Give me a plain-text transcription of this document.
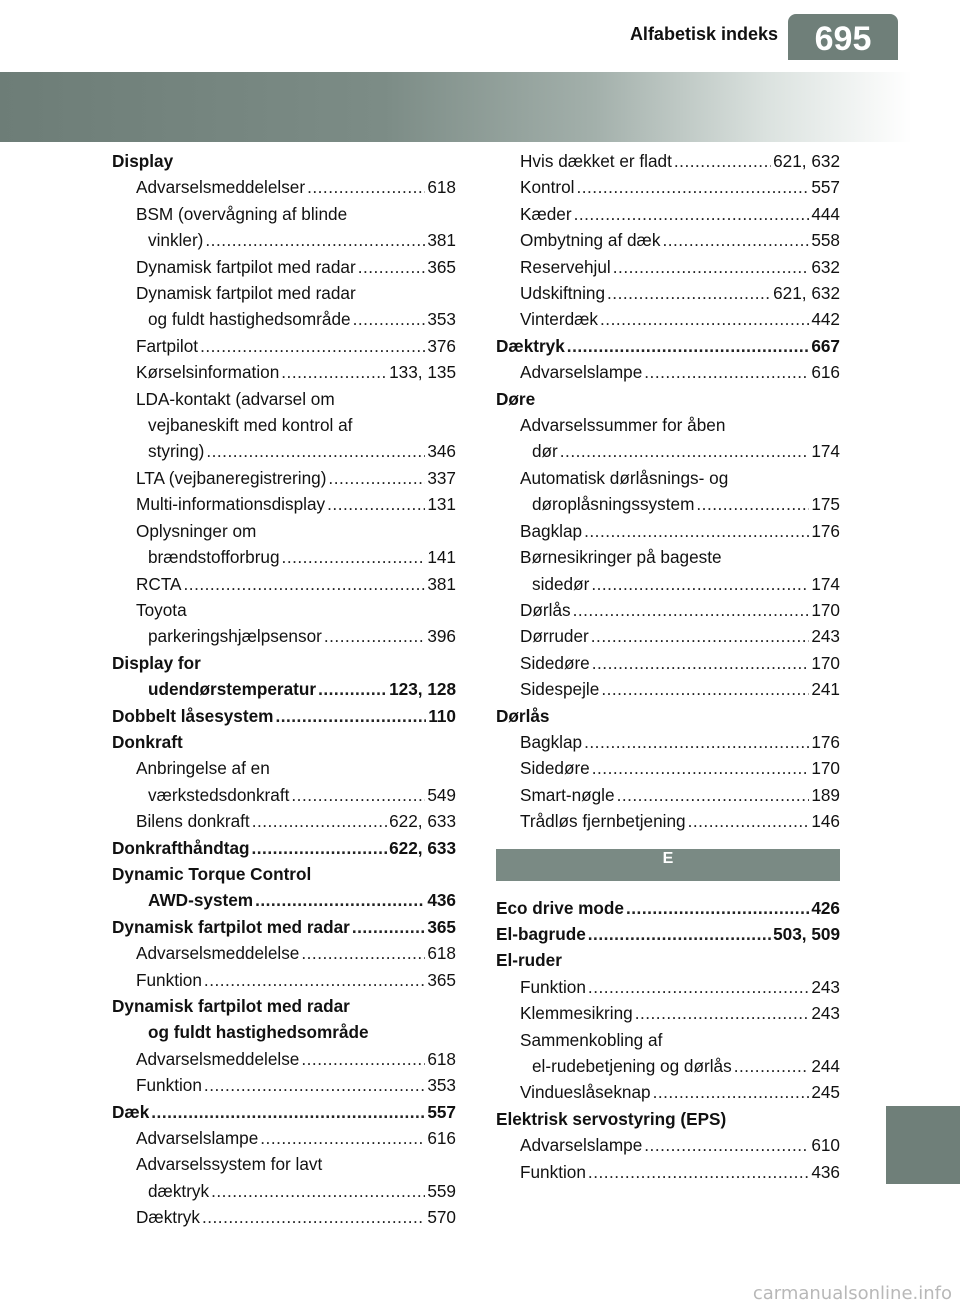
Alfabetisk indeks	695
Display
Advarselsmeddelelser .....	618
BSM (overvågning af blinde
vinkler) .....	381
Dynamisk fartpilot med radar .....	365
Dynamisk fartpilot med radar
og fuldt hastighedsområde .....	353
Fartpilot .....	376
Kørselsinformation .....	133, 135
LDA-kontakt (advarsel om
vejbaneskift med kontrol af
styring) .....	346
LTA (vejbaneregistrering) .....	337
Multi-informationsdisplay .....	131
Oplysninger om
brændstofforbrug .....	141
RCTA .....	381
Toyota
parkeringshjælpsensor .....	396
Display for
udendørstemperatur .....	123, 128
Dobbelt låsesystem .....	110
Donkraft
Anbringelse af en
værkstedsdonkraft .....	549
Bilens donkraft .....	622, 633
Donkrafthåndtag .....	622, 633
Dynamic Torque Control
AWD-system .....	436
Dynamisk fartpilot med radar .....	365
Advarselsmeddelelse .....	618
Funktion .....	365
Dynamisk fartpilot med radar
og fuldt hastighedsområde
Advarselsmeddelelse .....	618
Funktion .....	353
Dæk .....	557
Advarselslampe .....	616
Advarselssystem for lavt
dæktryk .....	559
Dæktryk .....	570
Hvis dækket er fladt .....	621, 632
Kontrol .....	557
Kæder .....	444
Ombytning af dæk .....	558
Reservehjul .....	632
Udskiftning .....	621, 632
Vinterdæk .....	442
Dæktryk .....	667
Advarselslampe .....	616
Døre
Advarselssummer for åben
dør .....	174
Automatisk dørlåsnings- og
døroplåsningssystem .....	175
Bagklap .....	176
Børnesikringer på bageste
sidedør .....	174
Dørlås .....	170
Dørruder .....	243
Sidedøre .....	170
Sidespejle .....	241
Dørlås
Bagklap .....	176
Sidedøre .....	170
Smart-nøgle .....	189
Trådløs fjernbetjening .....	146
E
Eco drive mode .....	426
El-bagrude .....	503, 509
El-ruder
Funktion .....	243
Klemmesikring .....	243
Sammenkobling af
el-rudebetjening og dørlås .....	244
Vindueslåseknap .....	245
Elektrisk servostyring (EPS)
Advarselslampe .....	610
Funktion .....	436
carmanualsonline.info
